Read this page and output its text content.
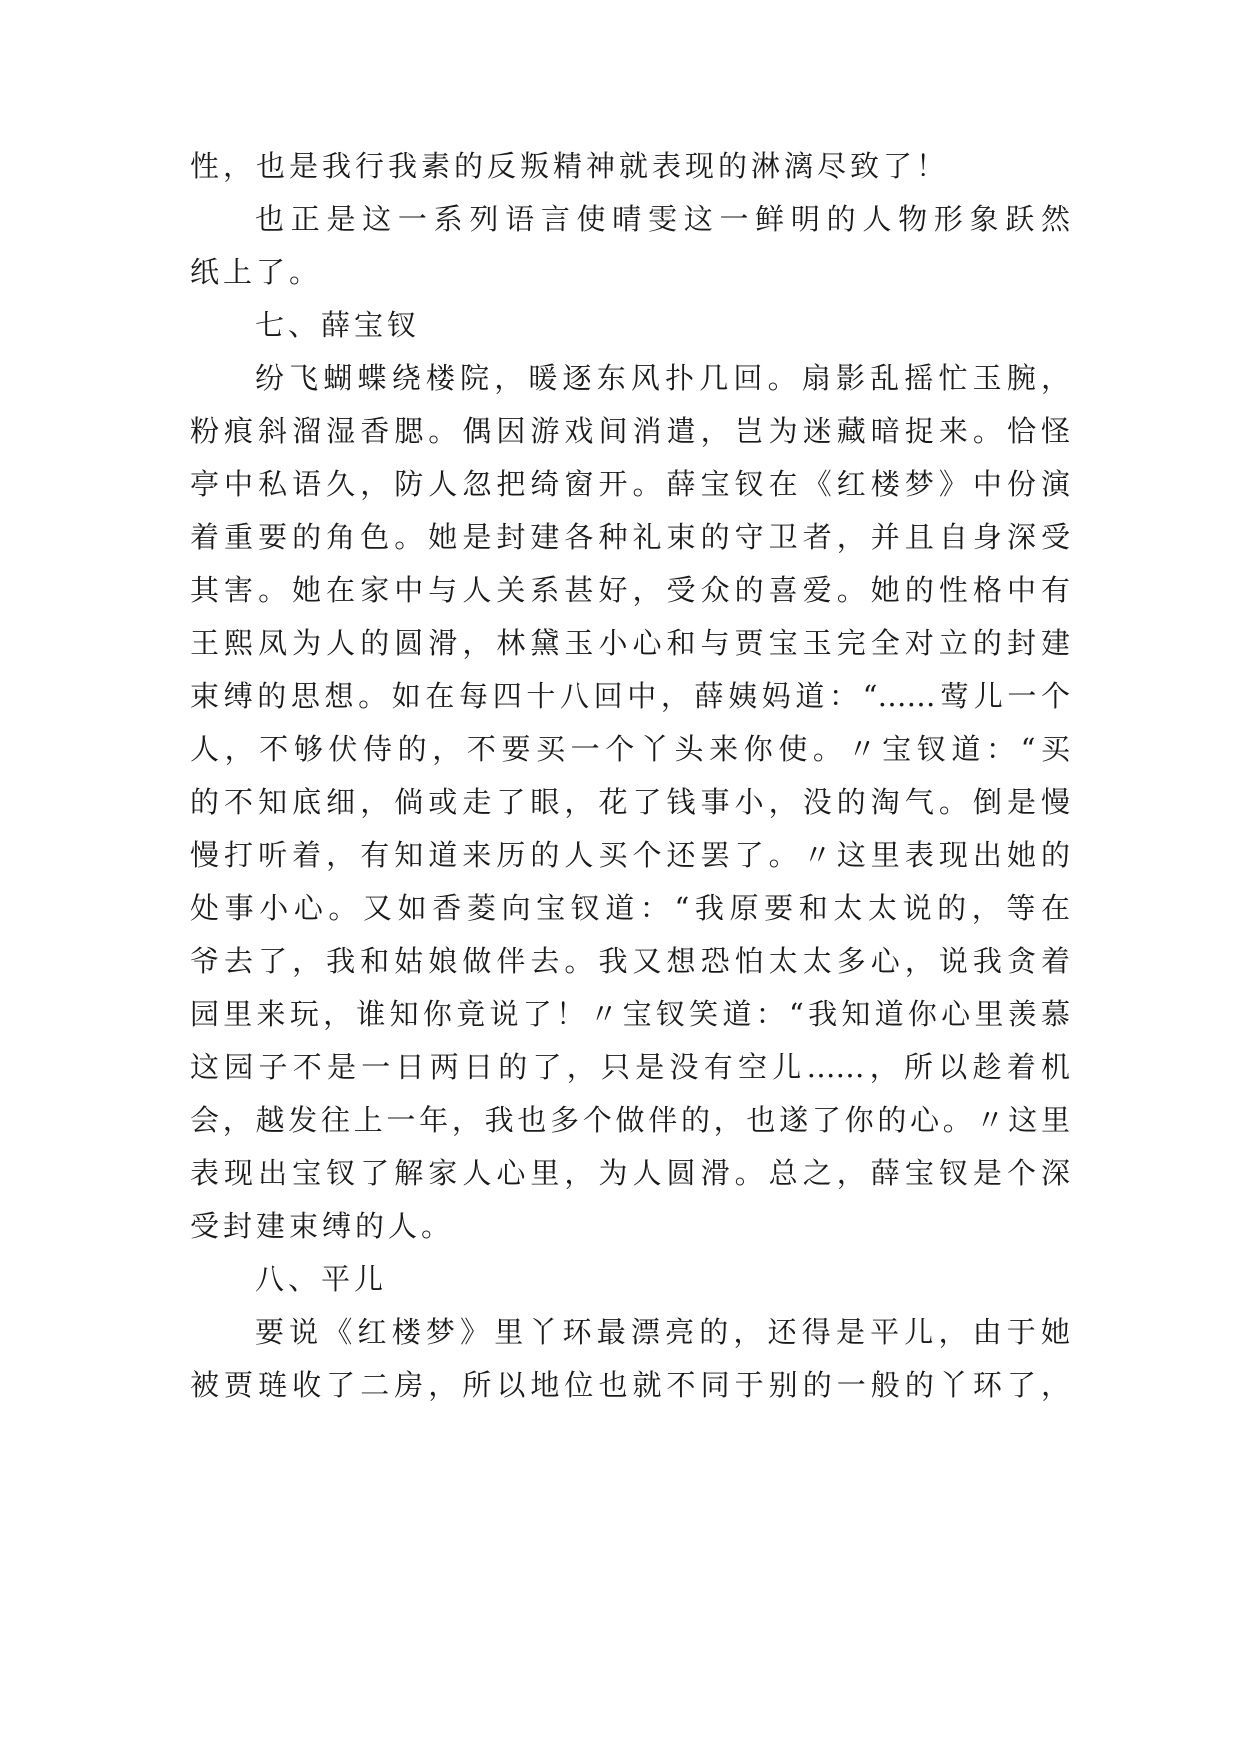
性，也是我行我素的反叛精神就表现的淋漓尽致了！
也正是这一系列语言使晴雯这一鲜明的人物形象跃然
纸上了。
七、薛宝钗
纷飞蝴蝶绕楼院，暖逐东风扑几回。扇影乱摇忙玉腕，
粉痕斜溜湿香腮。偶因游戏间消遣，岂为迷藏暗捉来。恰怪
亭中私语久，防人忽把绮窗开。薛宝钗在《红楼梦》中份演
着重要的角色。她是封建各种礼束的守卫者，并且自身深受
其害。她在家中与人关系甚好，受众的喜爱。她的性格中有
王熙凤为人的圆滑，林黛玉小心和与贾宝玉完全对立的封建
束缚的思想。如在每四十八回中，薛姨妈道：“……莺儿一个
人，不够伏侍的，不要买一个丫头来你使。〃宝钗道：“买
的不知底细，倘或走了眼，花了钱事小，没的淘气。倒是慢
慢打听着，有知道来历的人买个还罢了。〃这里表现出她的
处事小心。又如香菱向宝钗道：“我原要和太太说的，等在
爷去了，我和姑娘做伴去。我又想恐怕太太多心，说我贪着
园里来玩，谁知你竟说了！〃宝钗笑道：“我知道你心里羡慕
这园子不是一日两日的了，只是没有空儿……，所以趁着机
会，越发往上一年，我也多个做伴的，也遂了你的心。〃这里
表现出宝钗了解家人心里，为人圆滑。总之，薛宝钗是个深
受封建束缚的人。
八、平儿
要说《红楼梦》里丫环最漂亮的，还得是平儿，由于她
被贾琏收了二房，所以地位也就不同于别的一般的丫环了，
